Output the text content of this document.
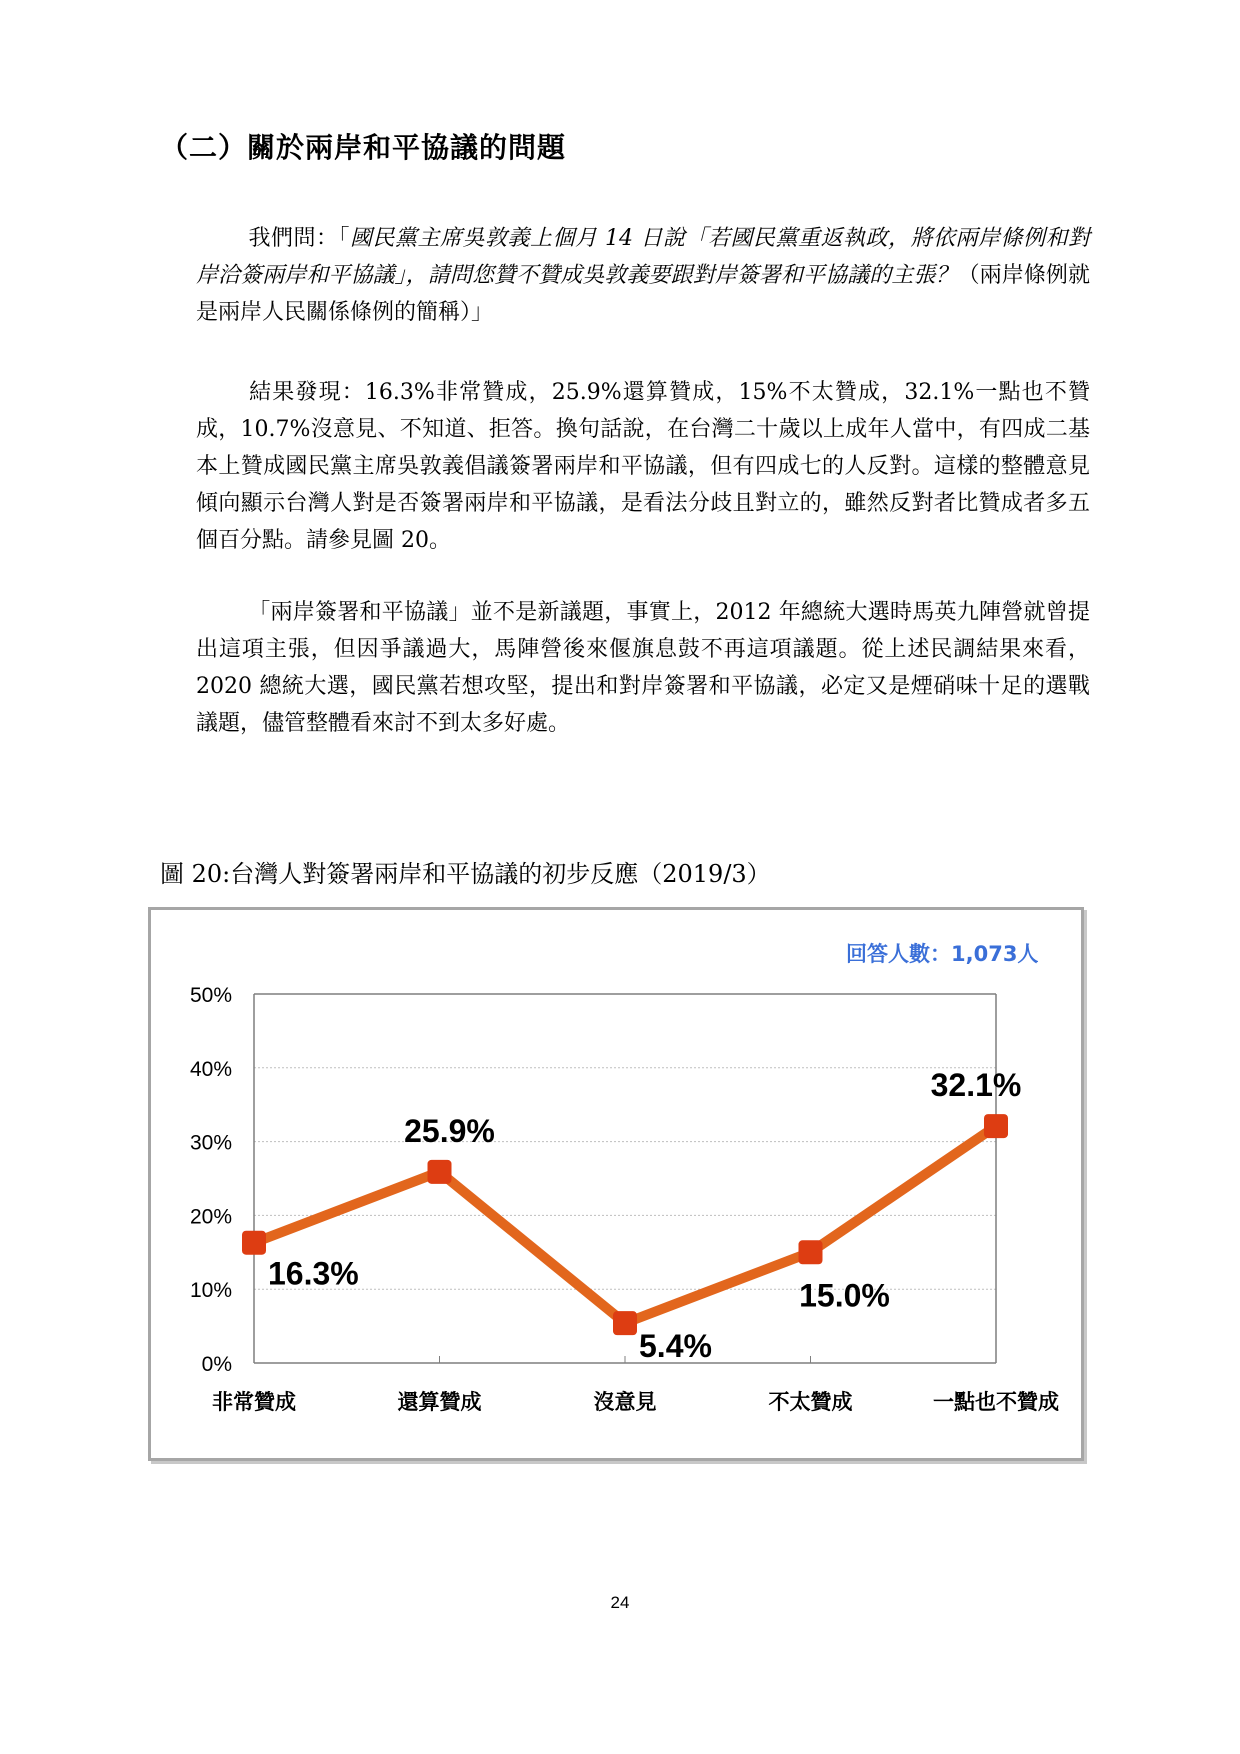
（二）關於兩岸和平協議的問題
我們問：「國民黨主席吳敦義上個月 14 日說「若國民黨重返執政，將依兩岸條例和對岸洽簽兩岸和平協議」，請問您贊不贊成吳敦義要跟對岸簽署和平協議的主張？（兩岸條例就是兩岸人民關係條例的簡稱）」
結果發現：16.3%非常贊成，25.9%還算贊成，15%不太贊成，32.1%一點也不贊成，10.7%沒意見、不知道、拒答。換句話說，在台灣二十歲以上成年人當中，有四成二基本上贊成國民黨主席吳敦義倡議簽署兩岸和平協議，但有四成七的人反對。這樣的整體意見傾向顯示台灣人對是否簽署兩岸和平協議，是看法分歧且對立的，雖然反對者比贊成者多五個百分點。請參見圖 20。
「兩岸簽署和平協議」並不是新議題，事實上，2012 年總統大選時馬英九陣營就曾提出這項主張，但因爭議過大，馬陣營後來偃旗息鼓不再這項議題。從上述民調結果來看，2020 總統大選，國民黨若想攻堅，提出和對岸簽署和平協議，必定又是煙硝味十足的選戰議題，儘管整體看來討不到太多好處。
圖 20:台灣人對簽署兩岸和平協議的初步反應（2019/3）
回答人數：1,073人
0%
10%
20%
30%
40%
50%
非常贊成	還算贊成	沒意見	不太贊成	一點也不贊成
16.3%
25.9%
5.4%
15.0%
32.1%
24
